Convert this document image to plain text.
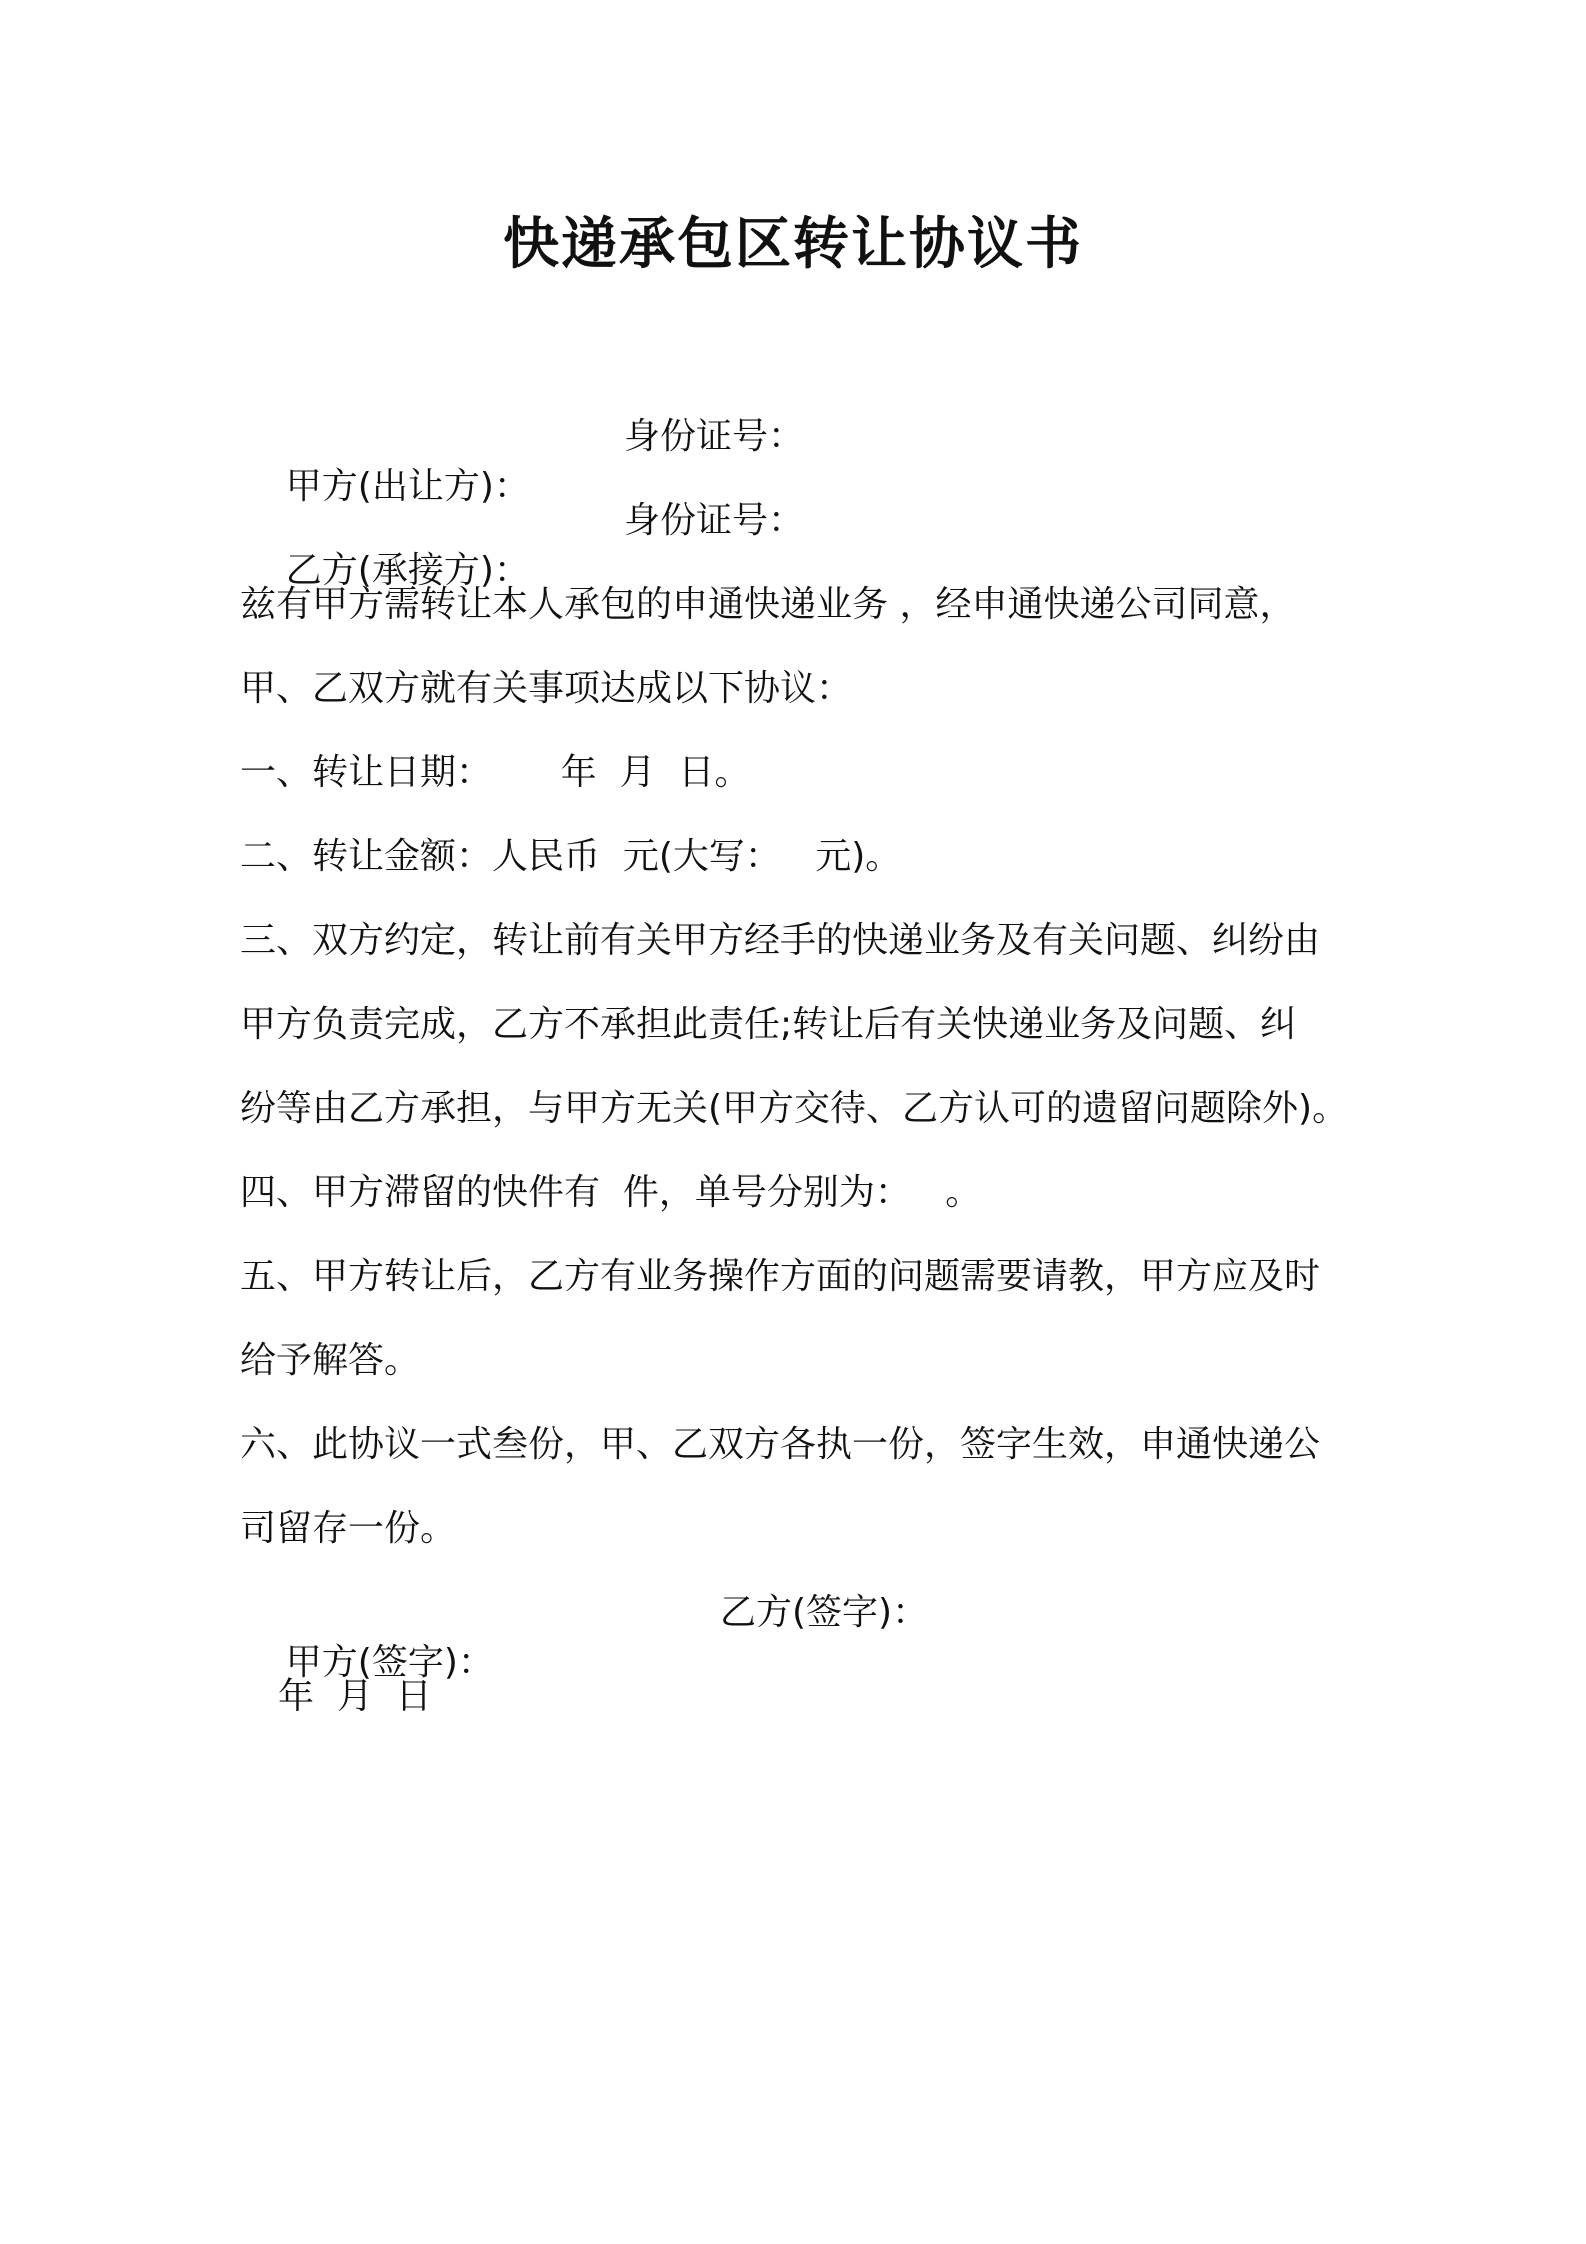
快递承包区转让协议书

甲方(出让方)：

身份证号：

乙方(承接方)：

身份证号：

兹有甲方需转让本人承包的申通快递业务 ，经申通快递公司同意，
甲、乙双方就有关事项达成以下协议：
一、转让日期：      年  月  日。
二、转让金额：人民币  元(大写：   元)。
三、双方约定，转让前有关甲方经手的快递业务及有关问题、纠纷由
甲方负责完成，乙方不承担此责任;转让后有关快递业务及问题、纠
纷等由乙方承担，与甲方无关(甲方交待、乙方认可的遗留问题除外)。
四、甲方滞留的快件有  件，单号分别为：   。
五、甲方转让后，乙方有业务操作方面的问题需要请教，甲方应及时
给予解答。
六、此协议一式叁份，甲、乙双方各执一份，签字生效，申通快递公
司留存一份。

甲方(签字)：

乙方(签字)：

年  月  日
